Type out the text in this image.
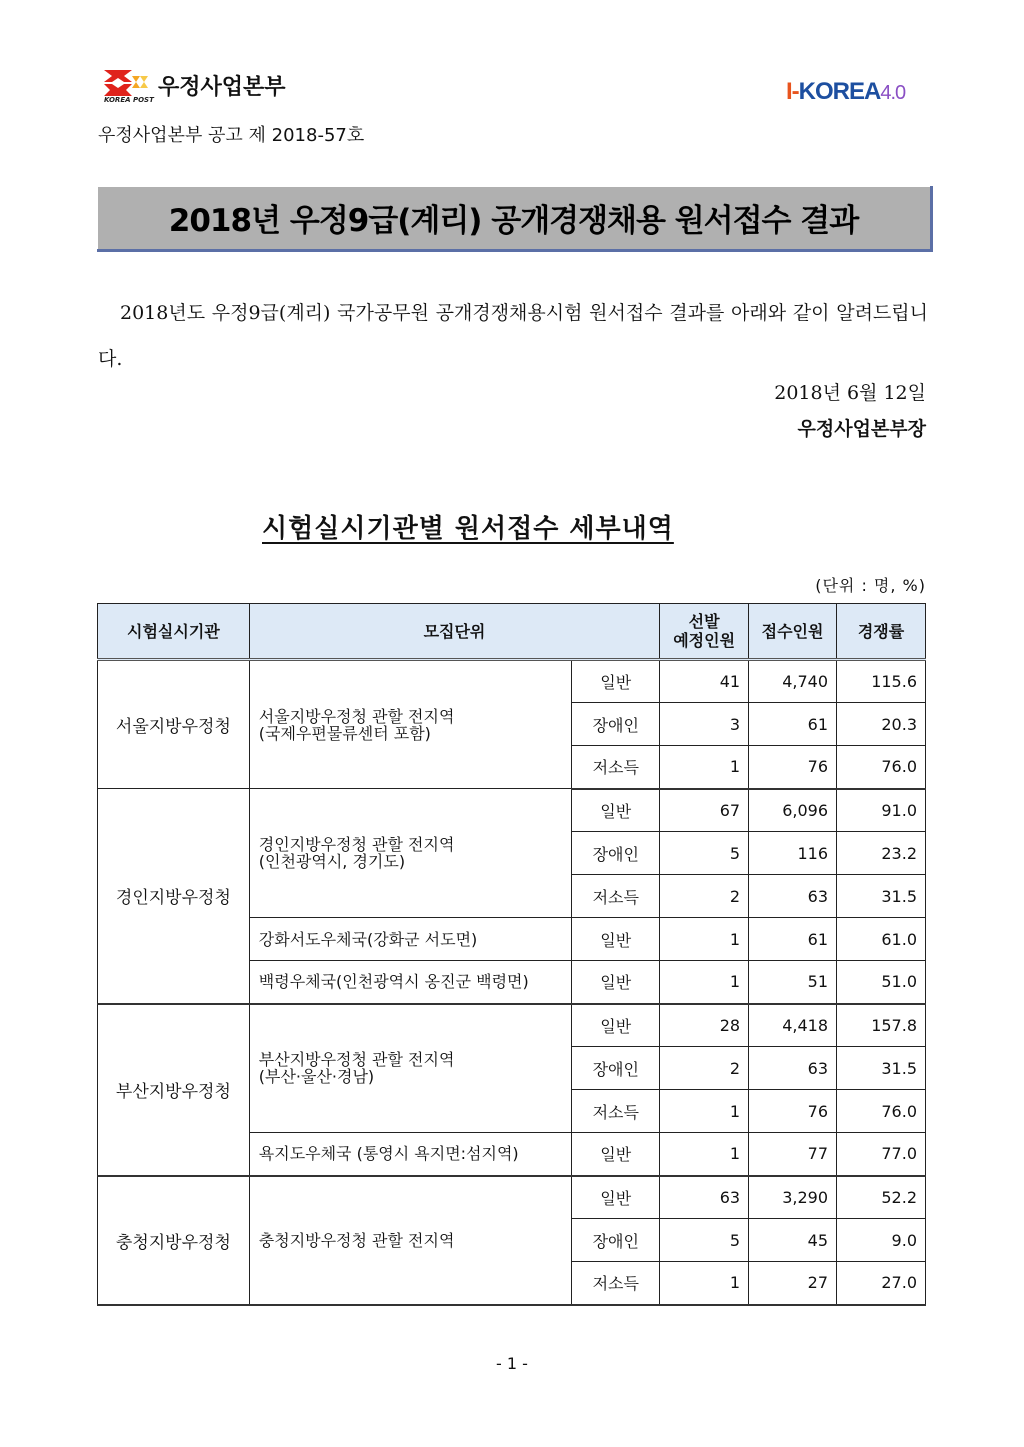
우정사업본부
KOREA POST	I-KOREA4.0
우정사업본부 공고 제 2018-57호
2018년 우정9급(계리) 공개경쟁채용 원서접수 결과

2018년도 우정9급(계리) 국가공무원 공개경쟁채용시험 원서접수 결과를 아래와 같이 알려드립니다.

2018년 6월 12일
우정사업본부장
시험실시기관별 원서접수 세부내역
(단위 : 명, %)
시험실시기관	모집단위		선발
예정인원	접수인원	경쟁률
서울지방우정청	서울지방우정청 관할 전지역
(국제우편물류센터 포함)	일반	41	4,740	115.6
		장애인	3	61	20.3
		저소득	1	76	76.0
경인지방우정청	경인지방우정청 관할 전지역
(인천광역시, 경기도)	일반	67	6,096	91.0
		장애인	5	116	23.2
		저소득	2	63	31.5
	강화서도우체국(강화군 서도면)	일반	1	61	61.0
	백령우체국(인천광역시 옹진군 백령면)	일반	1	51	51.0
부산지방우정청	부산지방우정청 관할 전지역
(부산·울산·경남)	일반	28	4,418	157.8
		장애인	2	63	31.5
		저소득	1	76	76.0
	욕지도우체국 (통영시 욕지면:섬지역)	일반	1	77	77.0
충청지방우정청	충청지방우정청 관할 전지역	일반	63	3,290	52.2
		장애인	5	45	9.0
		저소득	1	27	27.0
- 1 -
